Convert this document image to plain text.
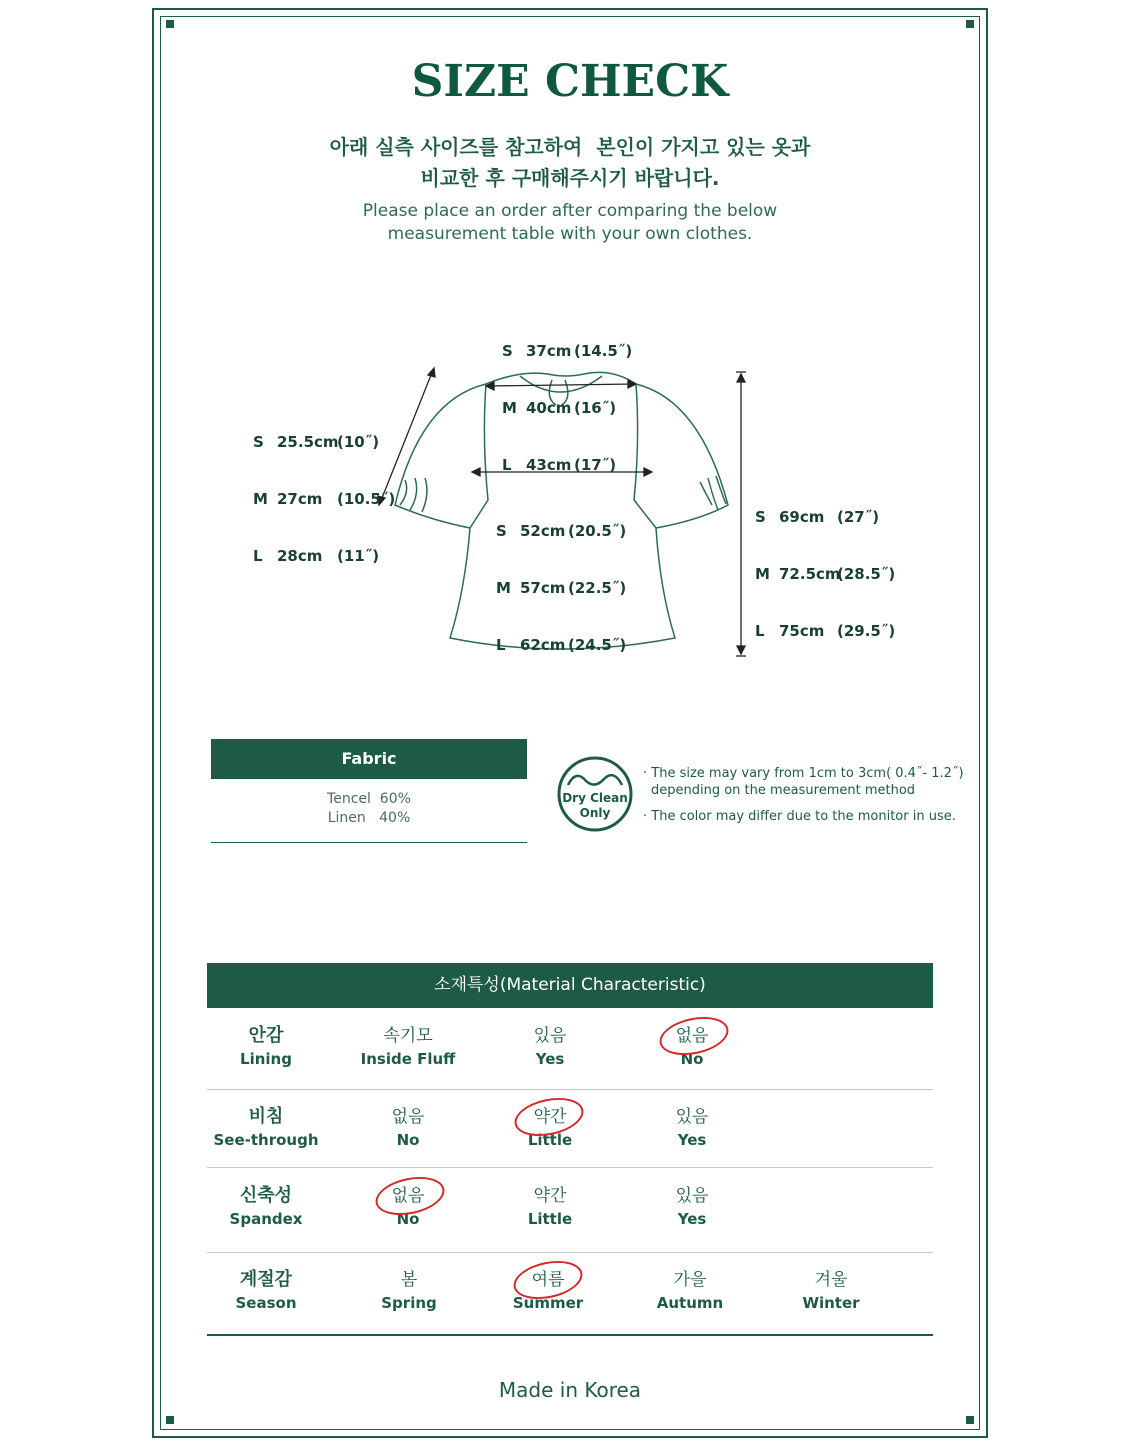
SIZE CHECK
아래 실측 사이즈를 참고하여  본인이 가지고 있는 옷과
비교한 후 구매해주시기 바랍니다.
Please place an order after comparing the below
measurement table with your own clothes.

S 37cm (14.5˝)

M 40cm (16˝)

L 43cm (17˝)

S 25.5cm(10˝)

M 27cm (10.5˝)

L 28cm (11˝)

S 52cm (20.5˝)

M 57cm (22.5˝)

L 62cm (24.5˝)

S 69cm (27˝)

M 72.5cm(28.5˝)

L 75cm (29.5˝)

Fabric
Tencel  60%
Linen   40%
Dry Clean
Only
· The size may vary from 1cm to 3cm( 0.4˝- 1.2˝)
depending on the measurement method
· The color may differ due to the monitor in use.
소재특성(Material Characteristic)
안감
Lining
속기모
Inside Fluff
있음
Yes
없음
No
비침
See-through
없음
No
약간
Little
있음
Yes
신축성
Spandex
없음
No
약간
Little
있음
Yes
계절감
Season
봄
Spring
여름
Summer
가을
Autumn
겨울
Winter
Made in Korea
